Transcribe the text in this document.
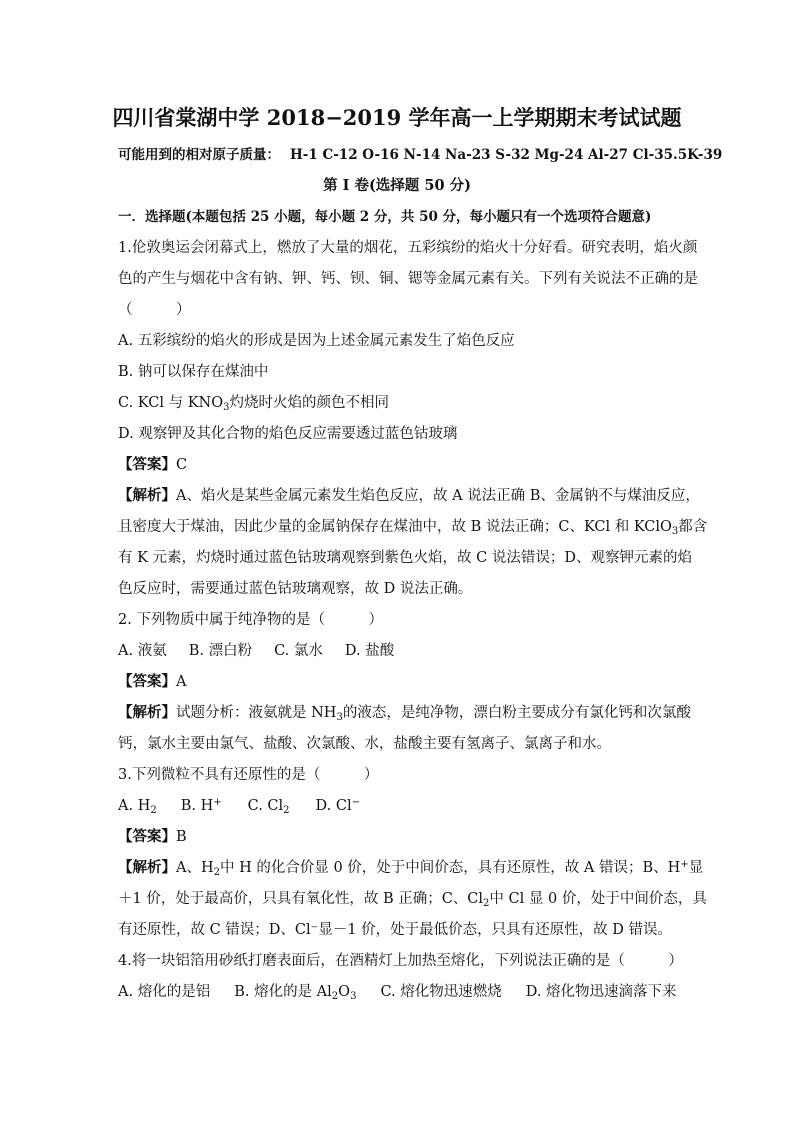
四川省棠湖中学 2018−2019 学年高一上学期期末考试试题
可能用到的相对原子质量： H-1 C-12 O-16 N-14 Na-23 S-32 Mg-24 Al-27 Cl-35.5K-39
第 I 卷(选择题 50 分)
一．选择题(本题包括 25 小题，每小题 2 分，共 50 分，每小题只有一个选项符合题意)
1.伦敦奥运会闭幕式上，燃放了大量的烟花，五彩缤纷的焰火十分好看。研究表明，焰火颜
色的产生与烟花中含有钠、钾、钙、钡、铜、锶等金属元素有关。下列有关说法不正确的是
（　　　）
A. 五彩缤纷的焰火的形成是因为上述金属元素发生了焰色反应
B. 钠可以保存在煤油中
C. KCl 与 $KNO_3$灼烧时火焰的颜色不相同
D. 观察钾及其化合物的焰色反应需要透过蓝色钴玻璃
【答案】C
【解析】A、焰火是某些金属元素发生焰色反应，故 A 说法正确 B、金属钠不与煤油反应，
且密度大于煤油，因此少量的金属钠保存在煤油中，故 B 说法正确；C、KCl 和 KClO$_3$都含
有 K 元素，灼烧时通过蓝色钴玻璃观察到紫色火焰，故 C 说法错误；D、观察钾元素的焰
色反应时，需要通过蓝色钴玻璃观察，故 D 说法正确。
2. 下列物质中属于纯净物的是（　　　）
A. 液氨 B. 漂白粉 C. 氯水 D. 盐酸
【答案】A
【解析】试题分析：液氨就是 $NH_3$的液态，是纯净物，漂白粉主要成分有氯化钙和次氯酸
钙，氯水主要由氯气、盐酸、次氯酸、水，盐酸主要有氢离子、氯离子和水。
3.下列微粒不具有还原性的是（　　　）
A. $H_2$ B. H+ C. $Cl_2$ D. Cl−
【答案】B
【解析】A、$H_2$中 H 的化合价显 0 价，处于中间价态，具有还原性，故 A 错误；B、H+显
＋1 价，处于最高价，只具有氧化性，故 B 正确；C、$Cl_2$中 Cl 显 0 价，处于中间价态，具
有还原性，故 C 错误；D、Cl⁻显－1 价，处于最低价态，只具有还原性，故 D 错误。
4.将一块铝箔用砂纸打磨表面后，在酒精灯上加热至熔化，下列说法正确的是（　　　）
A. 熔化的是铝 B. 熔化的是 $Al_2O_3$ C. 熔化物迅速燃烧 D. 熔化物迅速滴落下来
